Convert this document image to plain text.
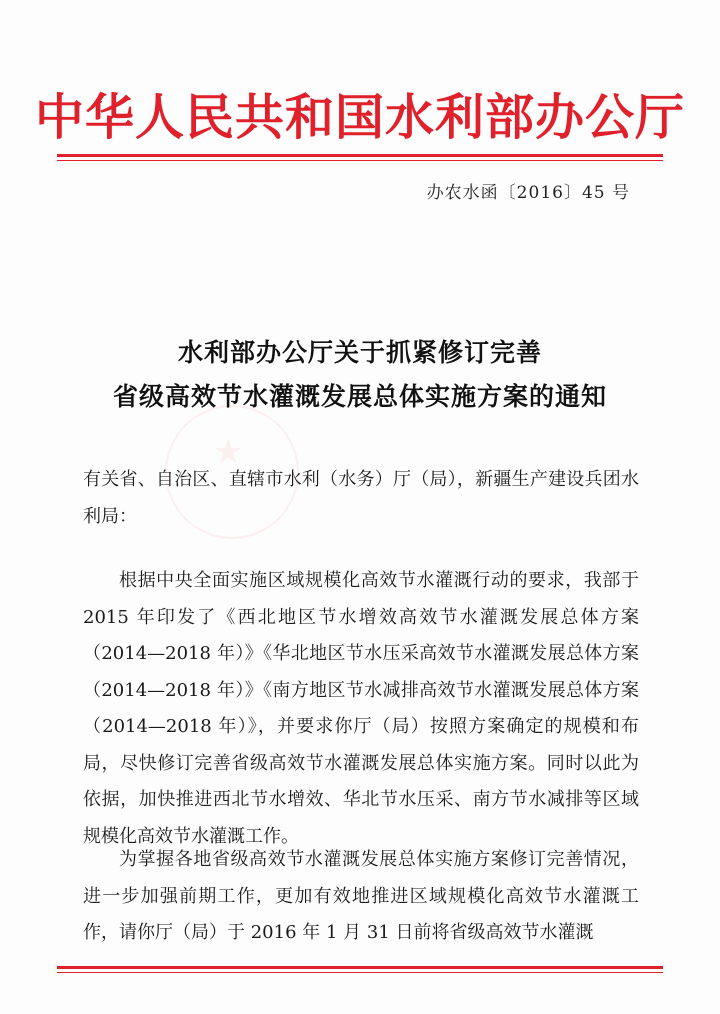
★
中华人民共和国水利部办公厅
办农水函〔2016〕45 号
水利部办公厅关于抓紧修订完善
省级高效节水灌溉发展总体实施方案的通知
有关省、自治区、直辖市水利（水务）厅（局），新疆生产建设兵团水利局：
根据中央全面实施区域规模化高效节水灌溉行动的要求，我部于 2015 年印发了《西北地区节水增效高效节水灌溉发展总体方案（2014—2018 年）》《华北地区节水压采高效节水灌溉发展总体方案（2014—2018 年）》《南方地区节水减排高效节水灌溉发展总体方案（2014—2018 年）》，并要求你厅（局）按照方案确定的规模和布局，尽快修订完善省级高效节水灌溉发展总体实施方案。同时以此为依据，加快推进西北节水增效、华北节水压采、南方节水减排等区域规模化高效节水灌溉工作。
为掌握各地省级高效节水灌溉发展总体实施方案修订完善情况，进一步加强前期工作，更加有效地推进区域规模化高效节水灌溉工作，请你厅（局）于 2016 年 1 月 31 日前将省级高效节水灌溉
